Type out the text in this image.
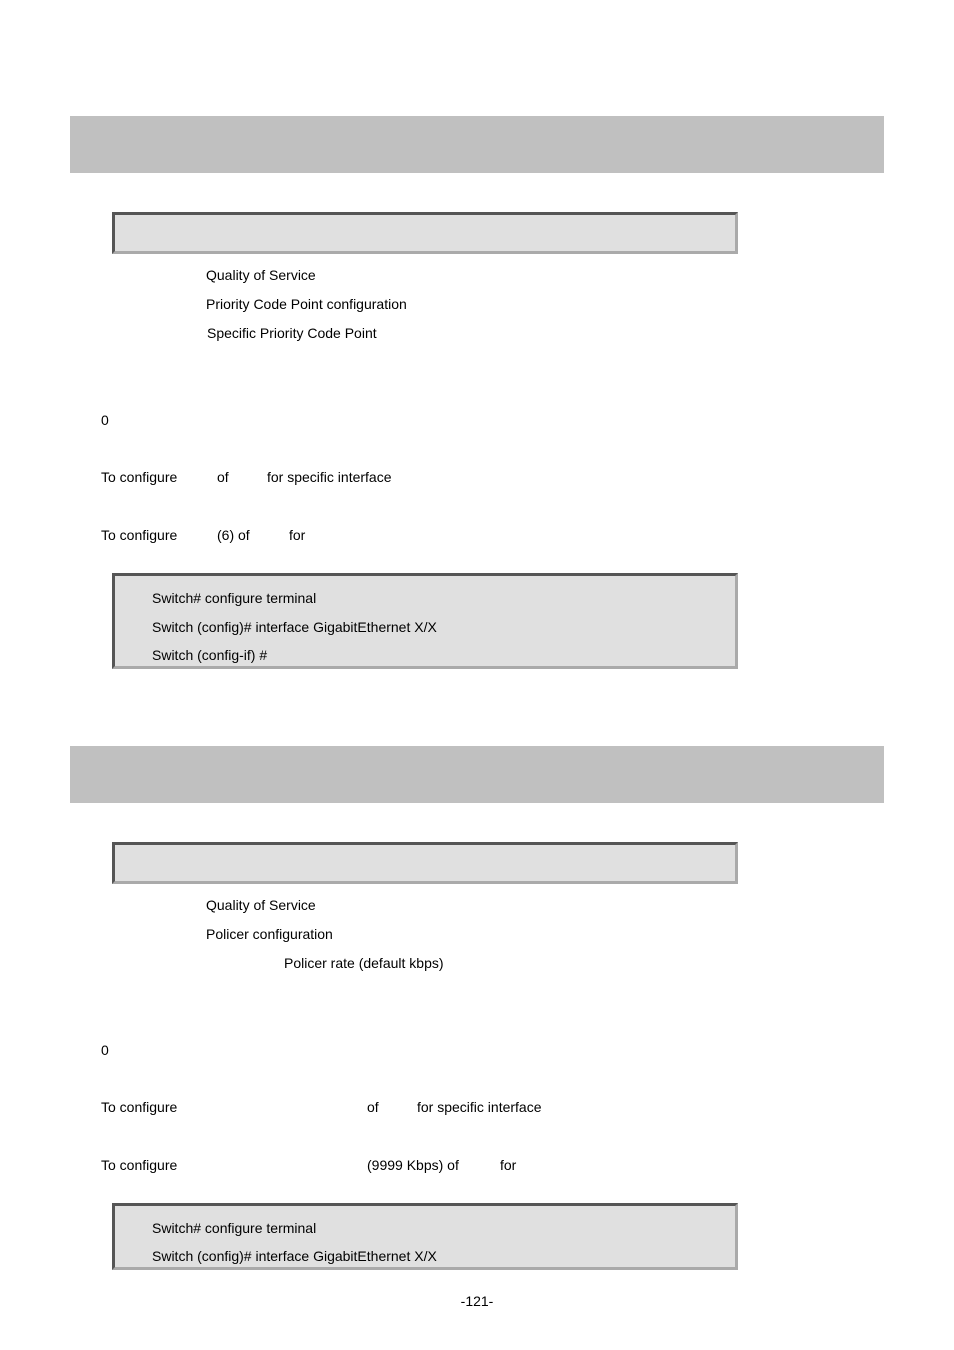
Quality of Service
Priority Code Point configuration
Specific Priority Code Point
0
To configure	of	for specific interface
To configure	(6) of	for
Switch# configure terminal
Switch (config)# interface GigabitEthernet X/X
Switch (config-if) #
Quality of Service
Policer configuration
Policer rate (default kbps)
0
To configure	of	for specific interface
To configure	(9999 Kbps) of	for
Switch# configure terminal
Switch (config)# interface GigabitEthernet X/X
-121-
